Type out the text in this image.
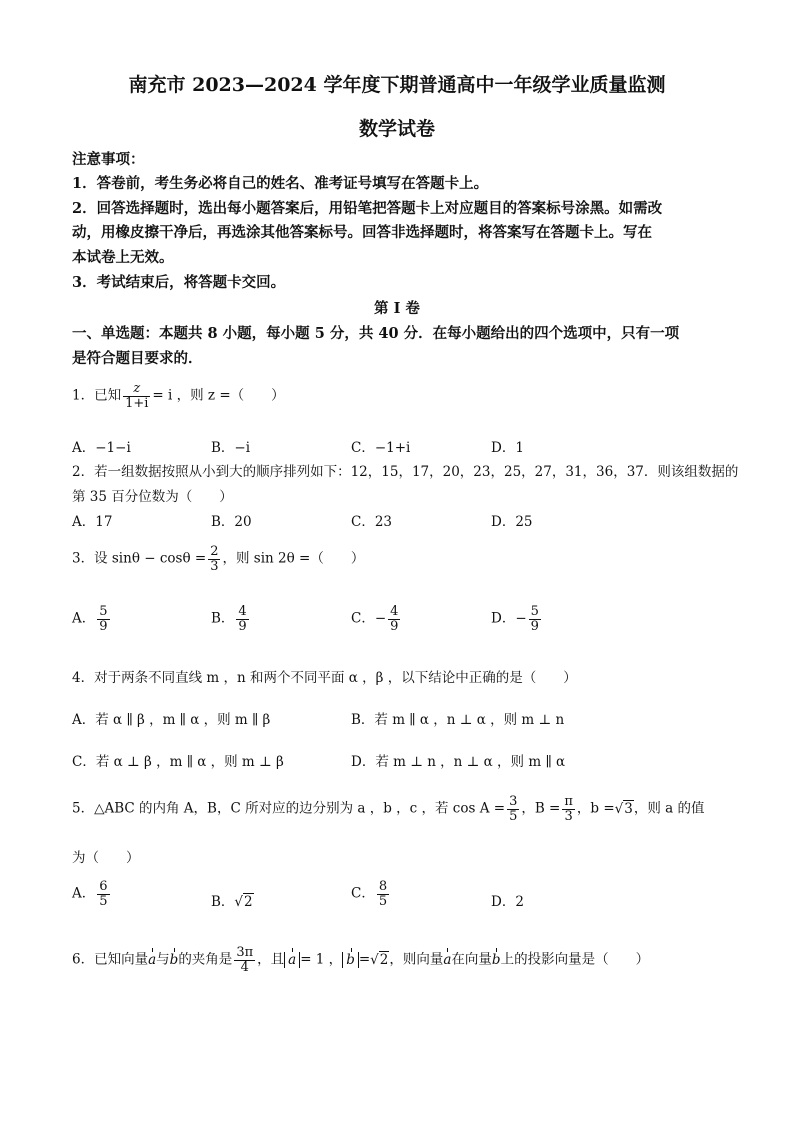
南充市 2023—2024 学年度下期普通高中一年级学业质量监测
数学试卷
注意事项：
1．答卷前，考生务必将自己的姓名、准考证号填写在答题卡上。
2．回答选择题时，选出每小题答案后，用铅笔把答题卡上对应题目的答案标号涂黑。如需改
动，用橡皮擦干净后，再选涂其他答案标号。回答非选择题时，将答案写在答题卡上。写在
本试卷上无效。
3．考试结束后，将答题卡交回。
第 I 卷
一、单选题：本题共 8 小题，每小题 5 分，共 40 分．在每小题给出的四个选项中，只有一项
是符合题目要求的．
1．已知 $\frac{z}{1+i} = i$ ，则 z =（　　）
A．−1−i	B．−i	C．−1+i	D．1
2．若一组数据按照从小到大的顺序排列如下：12，15，17，20，23，25，27，31，36，37．则该组数据的
第 35 百分位数为（　　）
A．17	B．20	C．23	D．25
3．设 $\sin\theta - \cos\theta = \frac{2}{3}$ ，则 sin 2θ =（　　）
A． $\frac{5}{9}$	B． $\frac{4}{9}$	C．− $\frac{4}{9}$	D．− $\frac{5}{9}$
4．对于两条不同直线 m ，n 和两个不同平面 α ，β ，以下结论中正确的是（　　）
A．若 α ∥ β ，m ∥ α ，则 m ∥ β	B．若 m ∥ α ，n ⊥ α ，则 m ⊥ n
C．若 α ⊥ β ，m ∥ α ，则 m ⊥ β	D．若 m ⊥ n ，n ⊥ α ，则 m ∥ α
5．△ABC 的内角 A，B，C 所对应的边分别为 a ，b ，c ，若 $\cos A = \frac{3}{5}$ ，$B = \frac{\pi}{3}$ ，b =√3，则 a 的值
为（　　）
A． $\frac{6}{5}$	B．√2
C． $\frac{8}{5}$	D．2
6．已知向量a与b的夹角是 $\frac{3\pi}{4}$ ，且 a = 1 ， b =√2，则向量a在向量b上的投影向量是（　　）
